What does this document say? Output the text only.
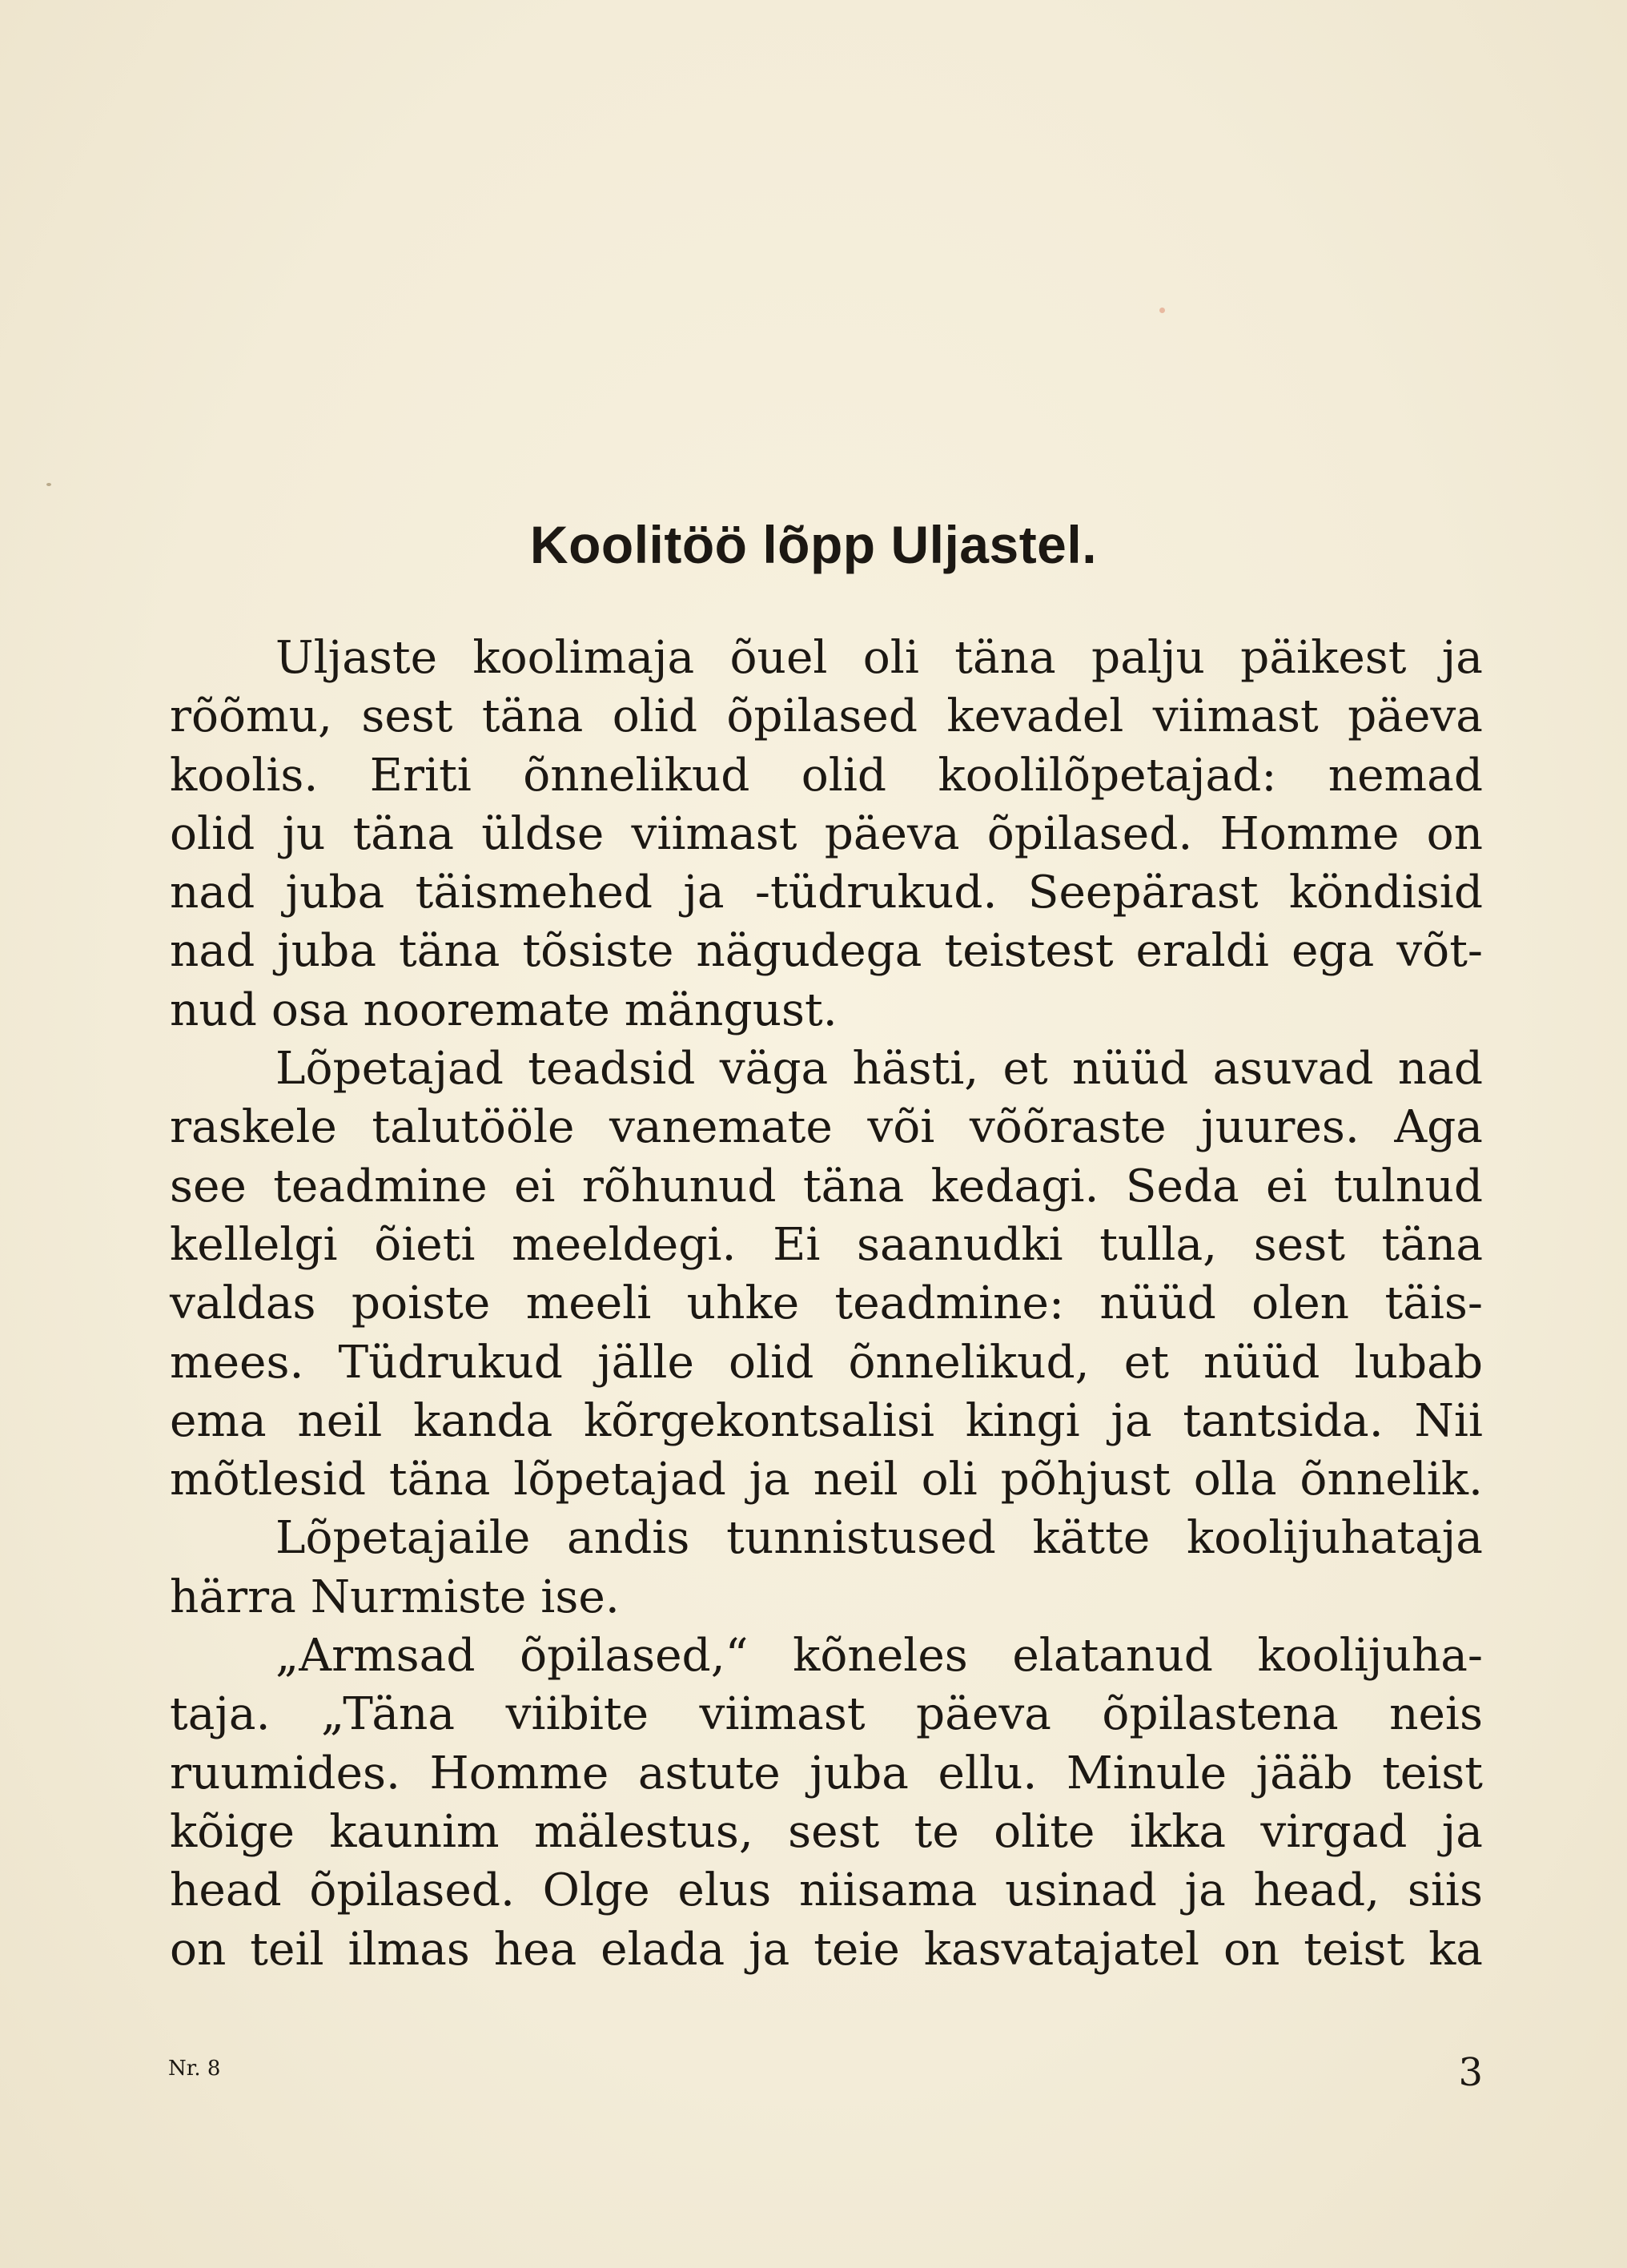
Koolitöö lõpp Uljastel.
Uljaste koolimaja õuel oli täna palju päikest ja
rõõmu, sest täna olid õpilased kevadel viimast päeva
koolis. Eriti õnnelikud olid koolilõpetajad: nemad
olid ju täna üldse viimast päeva õpilased. Homme on
nad juba täismehed ja -tüdrukud. Seepärast köndisid
nad juba täna tõsiste nägudega teistest eraldi ega võt-
nud osa nooremate mängust.
Lõpetajad teadsid väga hästi, et nüüd asuvad nad
raskele talutööle vanemate või võõraste juures. Aga
see teadmine ei rõhunud täna kedagi. Seda ei tulnud
kellelgi õieti meeldegi. Ei saanudki tulla, sest täna
valdas poiste meeli uhke teadmine: nüüd olen täis-
mees. Tüdrukud jälle olid õnnelikud, et nüüd lubab
ema neil kanda kõrgekontsalisi kingi ja tantsida. Nii
mõtlesid täna lõpetajad ja neil oli põhjust olla õnnelik.
Lõpetajaile andis tunnistused kätte koolijuhataja
härra Nurmiste ise.
„Armsad õpilased,“ kõneles elatanud koolijuha-
taja. „Täna viibite viimast päeva õpilastena neis
ruumides. Homme astute juba ellu. Minule jääb teist
kõige kaunim mälestus, sest te olite ikka virgad ja
head õpilased. Olge elus niisama usinad ja head, siis
on teil ilmas hea elada ja teie kasvatajatel on teist ka
Nr. 8	3
